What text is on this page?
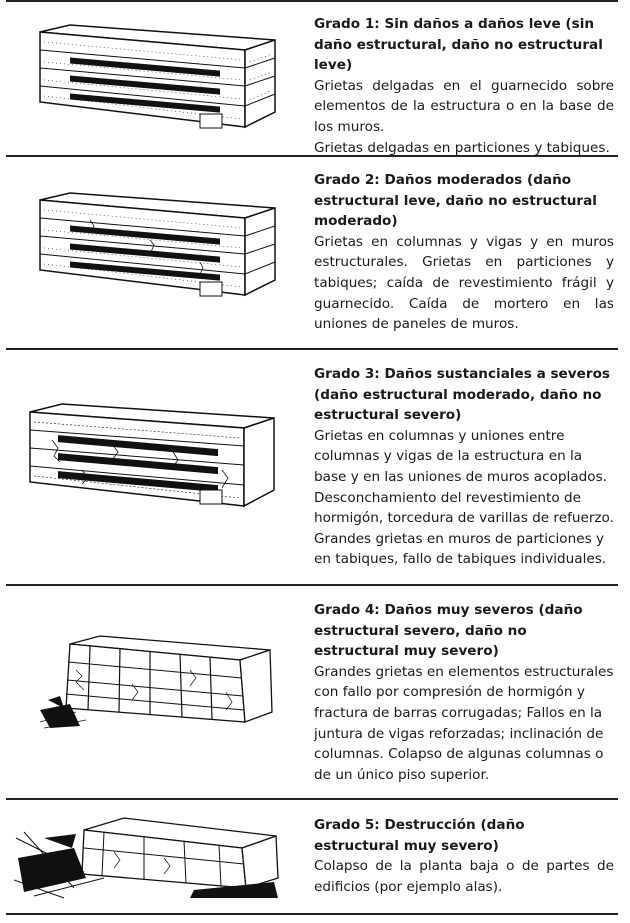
Grado 1: Sin daños a daños leve (sin daño estructural, daño no estructural leve)
Grietas delgadas en el guarnecido sobre elementos de la estructura o en la base de los muros.
Grietas delgadas en particiones y tabiques.
Grado 2: Daños moderados (daño estructural leve, daño no estructural moderado)
Grietas en columnas y vigas y en muros estructurales. Grietas en particiones y tabiques; caída de revestimiento frágil y guarnecido. Caída de mortero en las uniones de paneles de muros.
Grado 3: Daños sustanciales a severos (daño estructural moderado, daño no estructural severo)
Grietas en columnas y uniones entre columnas y vigas de la estructura en la base y en las uniones de muros acoplados. Desconchamiento del revestimiento de hormigón, torcedura de varillas de refuerzo. Grandes grietas en muros de particiones y en tabiques, fallo de tabiques individuales.
Grado 4: Daños muy severos (daño estructural severo, daño no estructural muy severo)
Grandes grietas en elementos estructurales con fallo por compresión de hormigón y fractura de barras corrugadas; Fallos en la juntura de vigas reforzadas; inclinación de columnas. Colapso de algunas columnas o de un único piso superior.
Grado 5: Destrucción (daño estructural muy severo)
Colapso de la planta baja o de partes de edificios (por ejemplo alas).
